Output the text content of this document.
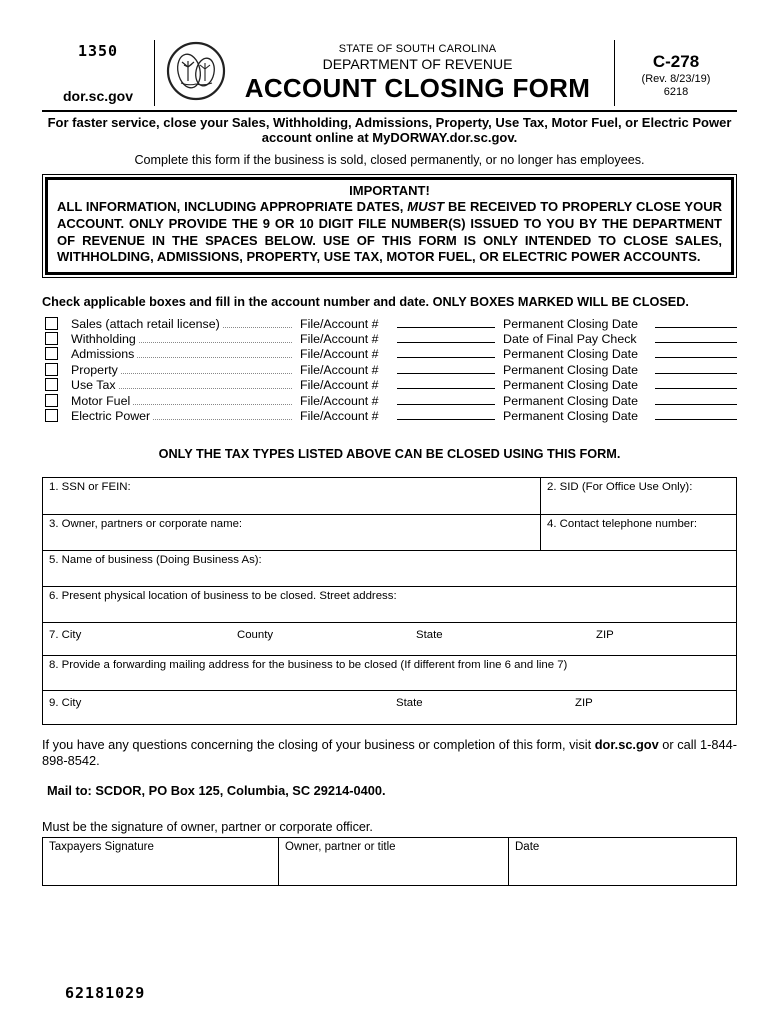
1350
dor.sc.gov
STATE OF SOUTH CAROLINA
DEPARTMENT OF REVENUE
ACCOUNT CLOSING FORM
C-278
(Rev. 8/23/19)
6218
For faster service, close your Sales, Withholding, Admissions, Property, Use Tax, Motor Fuel, or Electric Power account online at MyDORWAY.dor.sc.gov.
Complete this form if the business is sold, closed permanently, or no longer has employees.
IMPORTANT!
ALL INFORMATION, INCLUDING APPROPRIATE DATES, MUST BE RECEIVED TO PROPERLY CLOSE YOUR ACCOUNT. ONLY PROVIDE THE 9 OR 10 DIGIT FILE NUMBER(S) ISSUED TO YOU BY THE DEPARTMENT OF REVENUE IN THE SPACES BELOW. USE OF THIS FORM IS ONLY INTENDED TO CLOSE SALES, WITHHOLDING, ADMISSIONS, PROPERTY, USE TAX, MOTOR FUEL, OR ELECTRIC POWER ACCOUNTS.
Check applicable boxes and fill in the account number and date. ONLY BOXES MARKED WILL BE CLOSED.
Sales (attach retail license)	File/Account #	Permanent Closing Date
Withholding	File/Account #	Date of Final Pay Check
Admissions	File/Account #	Permanent Closing Date
Property	File/Account #	Permanent Closing Date
Use Tax	File/Account #	Permanent Closing Date
Motor Fuel	File/Account #	Permanent Closing Date
Electric Power	File/Account #	Permanent Closing Date
ONLY THE TAX TYPES LISTED ABOVE CAN BE CLOSED USING THIS FORM.
1. SSN or FEIN:	2. SID (For Office Use Only):
3. Owner, partners or corporate name:	4. Contact telephone number:
5. Name of business (Doing Business As):
6. Present physical location of business to be closed. Street address:
7. City	County	State	ZIP
8. Provide a forwarding mailing address for the business to be closed (If different from line 6 and line 7)
9. City	State	ZIP
If you have any questions concerning the closing of your business or completion of this form, visit dor.sc.gov or call 1-844-898-8542.
Mail to: SCDOR, PO Box 125, Columbia, SC 29214-0400.
Must be the signature of owner, partner or corporate officer.
Taxpayers Signature	Owner, partner or title	Date
62181029
